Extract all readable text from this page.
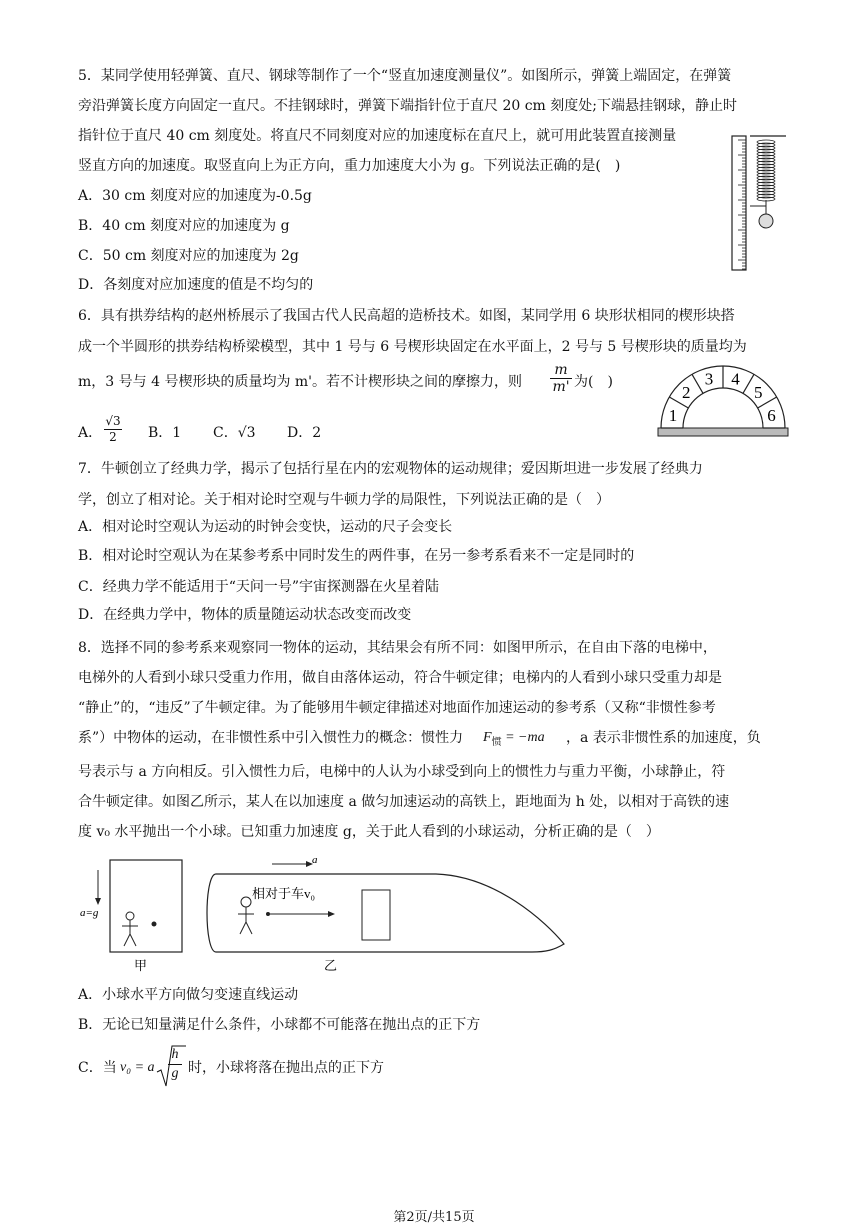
5．某同学使用轻弹簧、直尺、钢球等制作了一个“竖直加速度测量仪”。如图所示，弹簧上端固定，在弹簧
旁沿弹簧长度方向固定一直尺。不挂钢球时，弹簧下端指针位于直尺 20 cm 刻度处;下端悬挂钢球，静止时
指针位于直尺 40 cm 刻度处。将直尺不同刻度对应的加速度标在直尺上，就可用此装置直接测量
竖直方向的加速度。取竖直向上为正方向，重力加速度大小为 g。下列说法正确的是(　)
A．30 cm 刻度对应的加速度为-0.5g
B．40 cm 刻度对应的加速度为 g
C．50 cm 刻度对应的加速度为 2g
D．各刻度对应加速度的值是不均匀的
6．具有拱券结构的赵州桥展示了我国古代人民高超的造桥技术。如图，某同学用 6 块形状相同的楔形块搭
成一个半圆形的拱券结构桥梁模型，其中 1 号与 6 号楔形块固定在水平面上，2 号与 5 号楔形块的质量均为
m，3 号与 4 号楔形块的质量均为 m'。若不计楔形块之间的摩擦力，则 $\frac{m}{m'}$ 为(　)
A． $\frac{√3}{2}$ B．1 C．√3 D．2
1
2
3 4
5
6
7．牛顿创立了经典力学，揭示了包括行星在内的宏观物体的运动规律；爱因斯坦进一步发展了经典力
学，创立了相对论。关于相对论时空观与牛顿力学的局限性，下列说法正确的是（　）
A．相对论时空观认为运动的时钟会变快，运动的尺子会变长
B．相对论时空观认为在某参考系中同时发生的两件事，在另一参考系看来不一定是同时的
C．经典力学不能适用于“天问一号”宇宙探测器在火星着陆
D．在经典力学中，物体的质量随运动状态改变而改变
8．选择不同的参考系来观察同一物体的运动，其结果会有所不同：如图甲所示，在自由下落的电梯中，
电梯外的人看到小球只受重力作用，做自由落体运动，符合牛顿定律；电梯内的人看到小球只受重力却是
“静止”的，“违反”了牛顿定律。为了能够用牛顿定律描述对地面作加速运动的参考系（又称“非惯性参考
系”）中物体的运动，在非惯性系中引入惯性力的概念：惯性力 $F_惯 = -ma$ ，a 表示非惯性系的加速度，负
号表示与 a 方向相反。引入惯性力后，电梯中的人认为小球受到向上的惯性力与重力平衡，小球静止，符
合牛顿定律。如图乙所示，某人在以加速度 a 做匀加速运动的高铁上，距地面为 h 处，以相对于高铁的速
度 v₀ 水平抛出一个小球。已知重力加速度 g，关于此人看到的小球运动，分析正确的是（　）
a=g
甲
a
相对于车v₀
乙
A．小球水平方向做匀变速直线运动
B．无论已知量满足什么条件，小球都不可能落在抛出点的正下方
C．当 v₀ = a $\frac{h}{g}$ 时，小球将落在抛出点的正下方
第2页/共15页
